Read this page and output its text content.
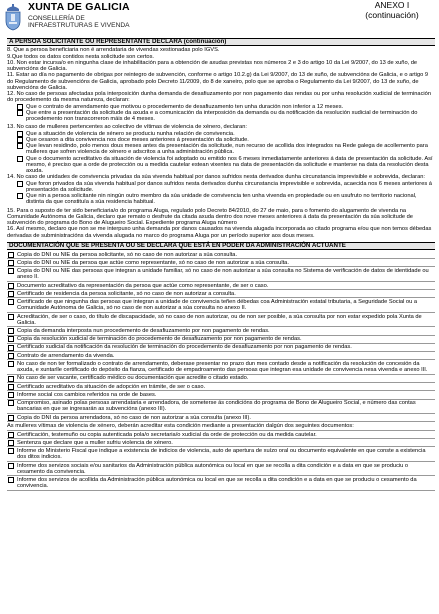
XUNTA DE GALICIA
CONSELLERÍA DE
INFRAESTRUTURAS E VIVENDA
ANEXO I
(continuación)
A PERSOA SOLICITANTE OU REPRESENTANTE DECLARA (continuación)

8. Que a persoa beneficiaria non é arrendataria de vivendas xestionadas polo IGVS.

9.Que todos os datos contidos nesta solicitude son certos.

10. Non estar incursa/o en ningunha clase de inhabilitación para a obtención de axudas previstas nos números 2 e 3 do artigo 10 da Lei 9/2007, do 13 de xuño, de subvencións de Galicia.

11. Estar ao día no pagamento de obrigas por reintegro de subvención, conforme o artigo 10.2.g) da Lei 9/2007, do 13 de xuño, de subvencións de Galicia, e o artigo 9 do Regulamento de subvencións de Galicia, aprobado polo Decreto 11/2009, do 8 de xaneiro, polo que se aproba o Regulamento da Lei 9/2007, do 13 de xuño, de subvencións de Galicia.

12. No caso de persoas afectadas pola interposición dunha demanda de desafiuzamento por non pagamento das rendas ou por unha resolución xudicial de terminación do procedemento da mesma natureza, declaran:

Que o contrato de arrendamento que motivou o procedemento de desafiuzamento ten unha duración non inferior a 12 meses.
Que entre a presentación da solicitude da axuda e a comunicación da interposición da demanda ou da notificación da resolución xudicial de terminación do procedemento non transcorreron máis de 4 meses.

13. No caso de mulleres pertencentes ao colectivo de vítimas de violencia de xénero, declaran:

Que a situación de violencia de xénero se produciu nunha relación de convivencia.
Que cesaron a dita convivencia nos doce meses anteriores á presentación da solicitude.
Que levan residindo, polo menos dous meses antes da presentación da solicitude, nun recurso de acollida dos integrados na Rede galega de acollemento para mulleres que sofren violencia de xénero e adscritos a unha administración pública.
Que o documento acreditativo da situación de violencia foi adoptado ou emitido nos 6 meses inmediatamente anteriores á data de presentación da solicitude. Así mesmo, é preciso que a orde de protección ou a medida cautelar estean vixentes na data de presentación da solicitude e manterse na data da resolución desta axuda.

14. No caso de unidades de convivencia privadas da súa vivenda habitual por danos sufridos nesta derivados dunha circunstancia imprevisible e sobrevida, declaran:

Que foron privados da súa vivenda habitual por danos sufridos nesta derivados dunha circunstancia imprevisible e sobrevida, acaecida nos 6 meses anteriores á presentación da solicitude.
Que nin a persoa solicitante nin ningún outro membro da súa unidade de convivencia ten unha vivenda en propiedade ou en usufruto no territorio nacional, distinta da que constituía a súa residencia habitual.

15. Para o suposto de ter sido beneficiaria/o do programa Aluga, regulado polo Decreto 84/2010, do 27 de maio, para o fomento do alugamento de vivenda na Comunidade Autónoma de Galicia, declaro que remato o desfrute da citada axuda dentro dos nove meses anteriores á data da presentación da súa solicitude de subvención do programa do Bono de Alugueiro Social. Expediente programa Aluga número

16. Así mesmo, declaro que non se me interpuxo unha demanda por danos causados na vivenda alugada incorporada ao citado programa e/ou que non temos débedas derivadas de subministracións da vivenda alugada no marco do programa Aluga por un período superior aos dous meses.

DOCUMENTACIÓN QUE SE PRESENTA OU SE DECLARA QUE ESTÁ EN PODER DA ADMINISTRACIÓN ACTUANTE
Copia do DNI ou NIE da persoa solicitante, só no caso de non autorizar a súa consulta.
Copia do DNI ou NIE da persoa que actúe como representante, só no caso de non autorizar a súa consulta.
Copia do DNI ou NIE das persoas que integran a unidade familiar, só no caso de non autorizar a súa consulta no Sistema de verificación de datos de identidade ou anexo II.
Documento acreditativo da representación da persoa que actúe como representante, de ser o caso.
Certificado de residencia da persoa solicitante, só no caso de non autorizar a consulta.
Certificado de que ningunha das persoas que integran a unidade de convivencia teñen débedas coa Administración estatal tributaria, a Seguridade Social ou a Comunidade Autónoma de Galicia, só no caso de non autorizar a súa consulta no anexo II.
Acreditación, de ser o caso, do título de discapacidade, só no caso de non autorizar, ou de non ser posible, a súa consulta por non estar expedido pola Xunta de Galicia.
Copia da demanda interposta nun procedemento de desafiuzamento por non pagamento de rendas.
Copia da resolución xudicial de terminación do procedemento de desafiuzamento por non pagamento de rendas.
Certificado xudicial da notificación da resolución de terminación do procedemento de desafiuzamento por non pagamento de rendas.
Contrato de arrendamento da vivenda.
No caso de non ter formalizado o contrato de arrendamento, deberase presentar no prazo dun mes contado desde a notificación da resolución de concesión da axuda, e xuntarlle certificado do depósito da fianza, certificado de empadroamento das persoas que integran esa unidade de convivencia nesa vivenda e anexo III.
No caso de ser vacante, certificado médico ou documentación que acredite o citado estado.
Certificado acreditativo da situación de adopción en trámite, de ser o caso.
Informe social cos cambios referidos na orde de bases.
Compromiso, asinado polas persoas arrendataria e arrendadora, de someterse ás condicións do programa de Bono de Alugueiro Social, e número das contas bancarias en que se ingresarán as subvencións (anexo III).
Copia do DNI da persoa arrendadora, só no caso de non autorizar a súa consulta (anexo III).

As mulleres vítimas de violencia de xénero, deberán acreditar esta condición mediante a presentación dalgún dos seguintes documentos:

Certificación, testemuño ou copia autenticada pola/o secretaria/o xudicial da orde de protección ou da medida cautelar.
Sentenza que declare que a muller sufriu violencia de xénero.
Informe do Ministerio Fiscal que indique a existencia de indicios de violencia, auto de apertura de xuízo oral ou documento equivalente en que conste a existencia dos ditos indicios.
Informe dos servizos sociais e/ou sanitarios da Administración pública autonómica ou local en que se recolla a dita condición e a data en que se produciu o cesamento da convivencia.
Informe dos servizos de acollida da Administración pública autonómica ou local en que se recolla a dita condición e a data en que se produciu o cesamento da convivencia.
